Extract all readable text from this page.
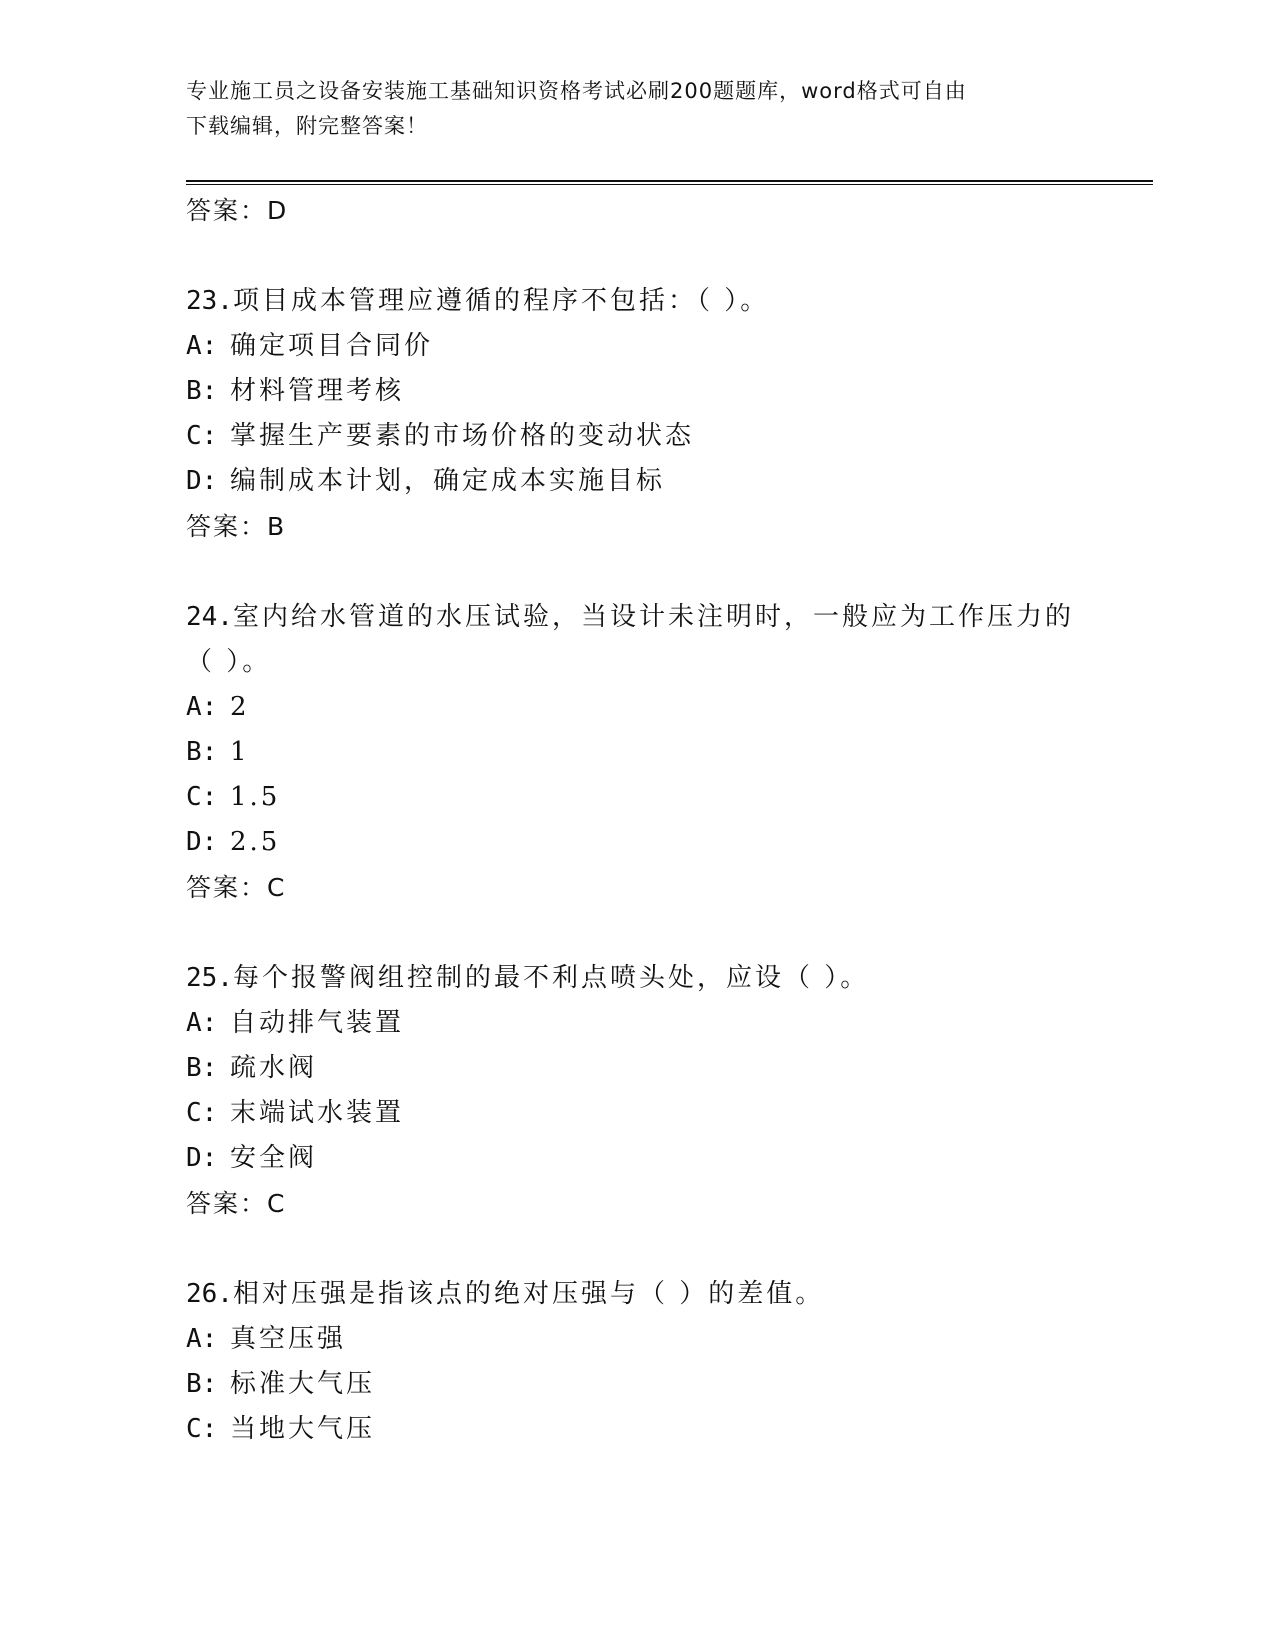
专业施工员之设备安装施工基础知识资格考试必刷200题题库，word格式可自由
下载编辑，附完整答案！
答案：D
23.项目成本管理应遵循的程序不包括：（ ）。
A: 确定项目合同价
B: 材料管理考核
C: 掌握生产要素的市场价格的变动状态
D: 编制成本计划，确定成本实施目标
答案：B
24.室内给水管道的水压试验，当设计未注明时，一般应为工作压力的（ ）。
A: 2
B: 1
C: 1.5
D: 2.5
答案：C
25.每个报警阀组控制的最不利点喷头处，应设（ ）。
A: 自动排气装置
B: 疏水阀
C: 末端试水装置
D: 安全阀
答案：C
26.相对压强是指该点的绝对压强与（ ）的差值。
A: 真空压强
B: 标准大气压
C: 当地大气压
